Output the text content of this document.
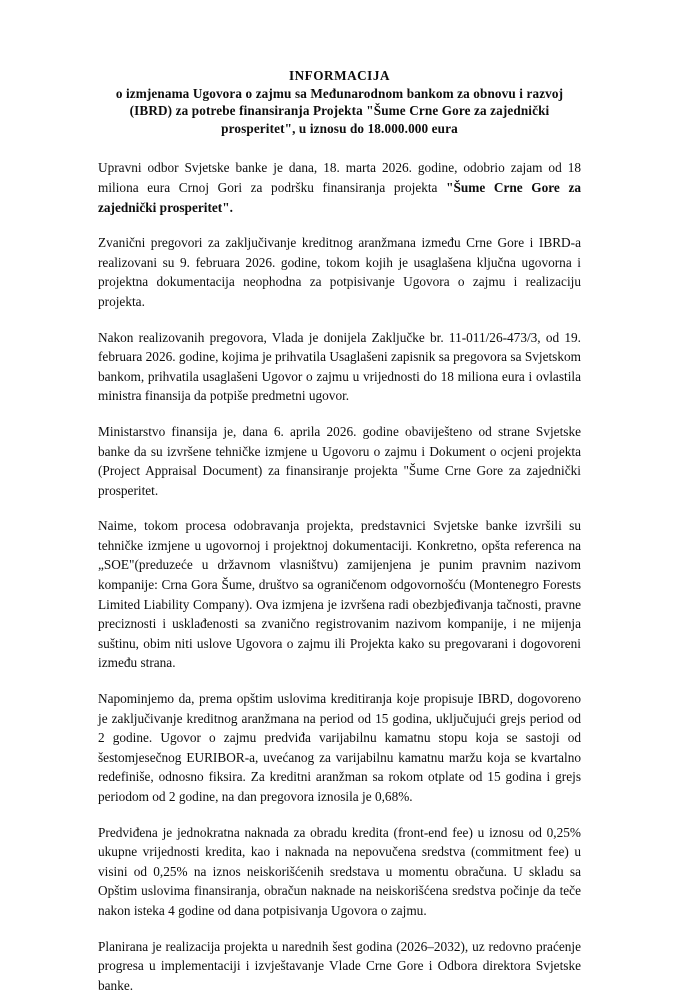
INFORMACIJA
o izmjenama Ugovora o zajmu sa Međunarodnom bankom za obnovu i razvoj
(IBRD) za potrebe finansiranja Projekta "Šume Crne Gore za zajednički
prosperitet", u iznosu do 18.000.000 eura

Upravni odbor Svjetske banke je dana, 18. marta 2026. godine, odobrio zajam od 18 miliona eura Crnoj Gori za podršku finansiranja projekta "Šume Crne Gore za zajednički prosperitet".

Zvanični pregovori za zaključivanje kreditnog aranžmana između Crne Gore i IBRD-a realizovani su 9. februara 2026. godine, tokom kojih je usaglašena ključna ugovorna i projektna dokumentacija neophodna za potpisivanje Ugovora o zajmu i realizaciju projekta.

Nakon realizovanih pregovora, Vlada je donijela Zaključke br. 11-011/26-473/3, od 19. februara 2026. godine, kojima je prihvatila Usaglašeni zapisnik sa pregovora sa Svjetskom bankom, prihvatila usaglašeni Ugovor o zajmu u vrijednosti do 18 miliona eura i ovlastila ministra finansija da potpiše predmetni ugovor.

Ministarstvo finansija je, dana 6. aprila 2026. godine obaviješteno od strane Svjetske banke da su izvršene tehničke izmjene u Ugovoru o zajmu i Dokument o ocjeni projekta (Project Appraisal Document) za finansiranje projekta "Šume Crne Gore za zajednički prosperitet.

Naime, tokom procesa odobravanja projekta, predstavnici Svjetske banke izvršili su tehničke izmjene u ugovornoj i projektnoj dokumentaciji. Konkretno, opšta referenca na „SOE"(preduzeće u državnom vlasništvu) zamijenjena je punim pravnim nazivom kompanije: Crna Gora Šume, društvo sa ograničenom odgovornošću (Montenegro Forests Limited Liability Company). Ova izmjena je izvršena radi obezbjeđivanja tačnosti, pravne preciznosti i usklađenosti sa zvanično registrovanim nazivom kompanije, i ne mijenja suštinu, obim niti uslove Ugovora o zajmu ili Projekta kako su pregovarani i dogovoreni između strana.

Napominjemo da, prema opštim uslovima kreditiranja koje propisuje IBRD, dogovoreno je zaključivanje kreditnog aranžmana na period od 15 godina, uključujući grejs period od 2 godine. Ugovor o zajmu predviđa varijabilnu kamatnu stopu koja se sastoji od šestomjesečnog EURIBOR-a, uvećanog za varijabilnu kamatnu maržu koja se kvartalno redefiniše, odnosno fiksira. Za kreditni aranžman sa rokom otplate od 15 godina i grejs periodom od 2 godine, na dan pregovora iznosila je 0,68%.

Predviđena je jednokratna naknada za obradu kredita (front-end fee) u iznosu od 0,25% ukupne vrijednosti kredita, kao i naknada na nepovučena sredstva (commitment fee) u visini od 0,25% na iznos neiskorišćenih sredstava u momentu obračuna. U skladu sa Opštim uslovima finansiranja, obračun naknade na neiskorišćena sredstva počinje da teče nakon isteka 4 godine od dana potpisivanja Ugovora o zajmu.

Planirana je realizacija projekta u narednih šest godina (2026–2032), uz redovno praćenje progresa u implementaciji i izvještavanje Vlade Crne Gore i Odbora direktora Svjetske banke.
